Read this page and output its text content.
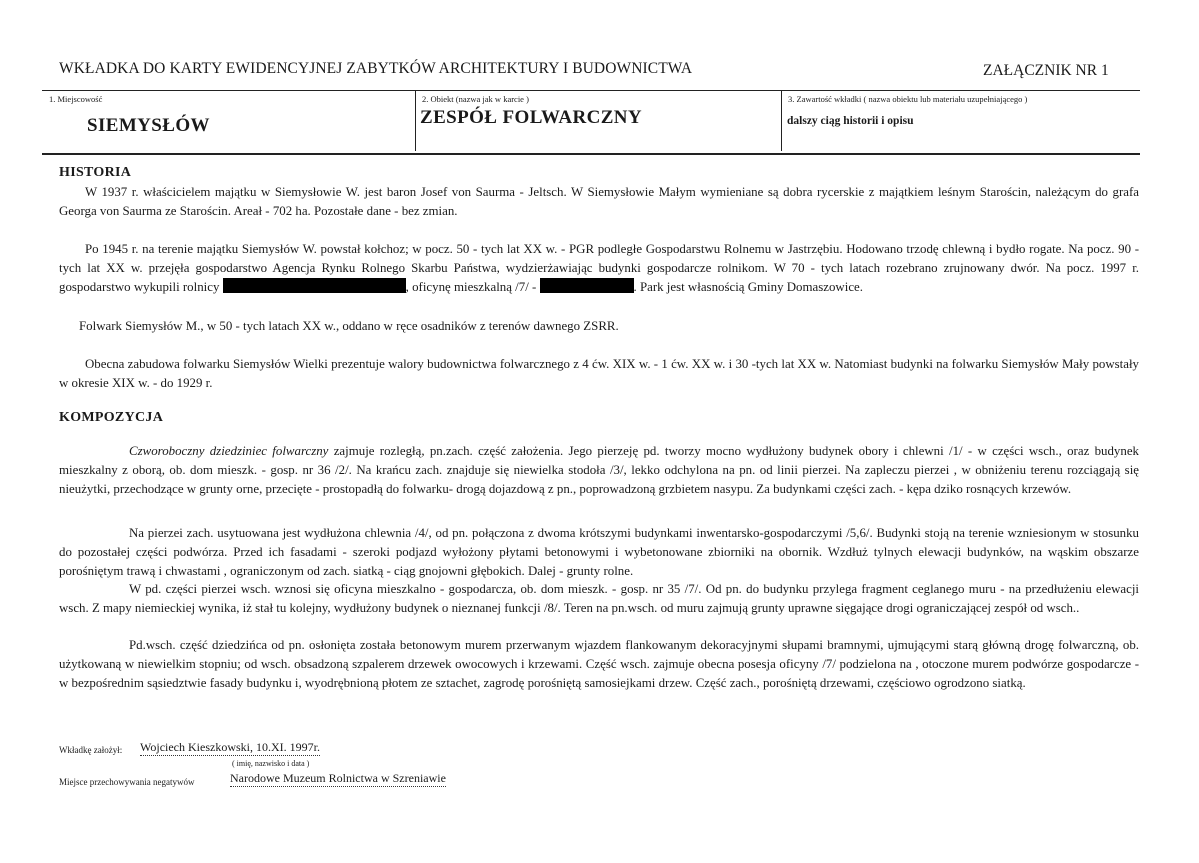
WKŁADKA DO KARTY EWIDENCYJNEJ ZABYTKÓW ARCHITEKTURY I BUDOWNICTWA	ZAŁĄCZNIK NR 1
1. Miejscowość
SIEMYSŁÓW
2. Obiekt (nazwa jak w karcie )
ZESPÓŁ FOLWARCZNY
3. Zawartość wkładki ( nazwa obiektu lub materiału uzupełniającego )
dalszy ciąg historii i opisu
HISTORIA

W 1937 r. właścicielem majątku w Siemysłowie W. jest baron Josef von Saurma - Jeltsch. W Siemysłowie Małym wymieniane są dobra rycerskie z majątkiem leśnym Starościn, należącym do grafa Georga von Saurma ze Starościn. Areał - 702 ha. Pozostałe dane - bez zmian.

Po 1945 r. na terenie majątku Siemysłów W. powstał kołchoz; w pocz. 50 - tych lat XX w. - PGR podległe Gospodarstwu Rolnemu w Jastrzębiu. Hodowano trzodę chlewną i bydło rogate. Na pocz. 90 - tych lat XX w. przejęła gospodarstwo Agencja Rynku Rolnego Skarbu Państwa, wydzierżawiając budynki gospodarcze rolnikom. W 70 - tych latach rozebrano zrujnowany dwór. Na pocz. 1997 r. gospodarstwo wykupili rolnicy	, oficynę mieszkalną /7/ -	. Park jest własnością Gminy Domaszowice.

Folwark Siemysłów M., w 50 - tych latach XX w., oddano w ręce osadników z terenów dawnego ZSRR.

Obecna zabudowa folwarku Siemysłów Wielki prezentuje walory budownictwa folwarcznego z 4 ćw. XIX w. - 1 ćw. XX w. i 30 -tych lat XX w. Natomiast budynki na folwarku Siemysłów Mały powstały w okresie XIX w. - do 1929 r.

KOMPOZYCJA

Czworoboczny dziedziniec folwarczny zajmuje rozległą, pn.zach. część założenia. Jego pierzeję pd. tworzy mocno wydłużony budynek obory i chlewni /1/ - w części wsch., oraz budynek mieszkalny z oborą, ob. dom mieszk. - gosp. nr 36 /2/. Na krańcu zach. znajduje się niewielka stodoła /3/, lekko odchylona na pn. od linii pierzei. Na zapleczu pierzei , w obniżeniu terenu rozciągają się nieużytki, przechodzące w grunty orne, przecięte - prostopadłą do folwarku- drogą dojazdową z pn., poprowadzoną grzbietem nasypu. Za budynkami części zach. - kępa dziko rosnących krzewów.

Na pierzei zach. usytuowana jest wydłużona chlewnia /4/, od pn. połączona z dwoma krótszymi budynkami inwentarsko-gospodarczymi /5,6/. Budynki stoją na terenie wzniesionym w stosunku do pozostałej części podwórza. Przed ich fasadami - szeroki podjazd wyłożony płytami betonowymi i wybetonowane zbiorniki na obornik. Wzdłuż tylnych elewacji budynków, na wąskim obszarze porośniętym trawą i chwastami , ograniczonym od zach. siatką - ciąg gnojowni głębokich. Dalej - grunty rolne.

W pd. części pierzei wsch. wznosi się oficyna mieszkalno - gospodarcza, ob. dom mieszk. - gosp. nr 35 /7/. Od pn. do budynku przylega fragment ceglanego muru - na przedłużeniu elewacji wsch. Z mapy niemieckiej wynika, iż stał tu kolejny, wydłużony budynek o nieznanej funkcji /8/. Teren na pn.wsch. od muru zajmują grunty uprawne sięgające drogi ograniczającej zespół od wsch..

Pd.wsch. część dziedzińca od pn. osłonięta została betonowym murem przerwanym wjazdem flankowanym dekoracyjnymi słupami bramnymi, ujmującymi starą główną drogę folwarczną, ob. użytkowaną w niewielkim stopniu; od wsch. obsadzoną szpalerem drzewek owocowych i krzewami. Część wsch. zajmuje obecna posesja oficyny /7/ podzielona na , otoczone murem podwórze gospodarcze - w bezpośrednim sąsiedztwie fasady budynku i, wyodrębnioną płotem ze sztachet, zagrodę porośniętą samosiejkami drzew. Część zach., porośniętą drzewami, częściowo ogrodzono siatką.

Wkładkę założył: Wojciech Kieszkowski, 10.XI. 1997r.
( imię, nazwisko i data )
Miejsce przechowywania negatywów	Narodowe Muzeum Rolnictwa w Szreniawie
